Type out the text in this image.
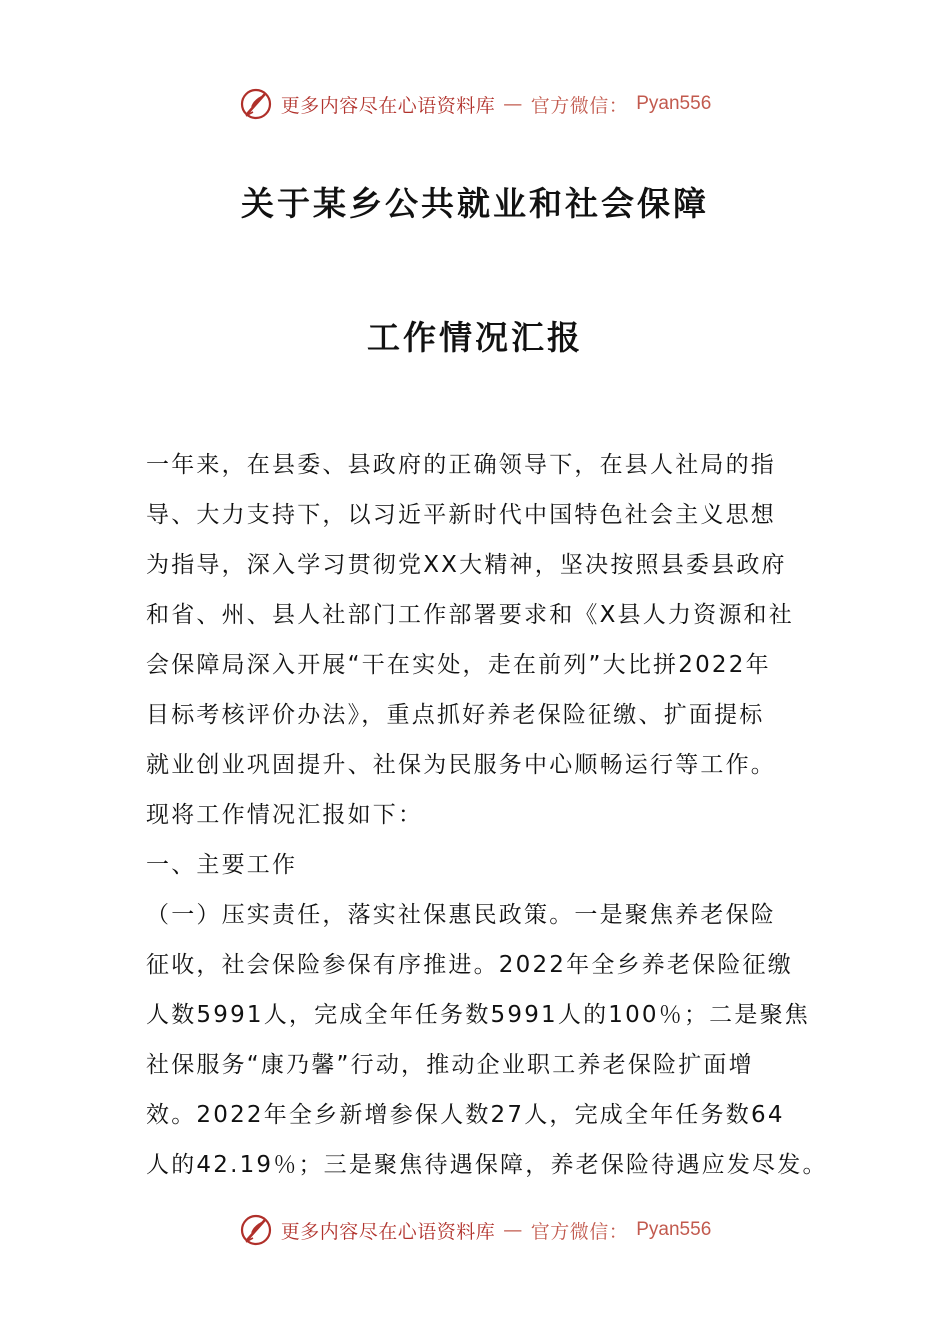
更多内容尽在心语资料库 — 官方微信： Pyan556
关于某乡公共就业和社会保障
工作情况汇报
一年来，在县委、县政府的正确领导下，在县人社局的指
导、大力支持下，以习近平新时代中国特色社会主义思想
为指导，深入学习贯彻党XX大精神，坚决按照县委县政府
和省、州、县人社部门工作部署要求和《X县人力资源和社
会保障局深入开展“干在实处，走在前列”大比拼2022年
目标考核评价办法》，重点抓好养老保险征缴、扩面提标
就业创业巩固提升、社保为民服务中心顺畅运行等工作。
现将工作情况汇报如下：
一、主要工作
（一）压实责任，落实社保惠民政策。一是聚焦养老保险
征收，社会保险参保有序推进。2022年全乡养老保险征缴
人数5991人，完成全年任务数5991人的100％；二是聚焦
社保服务“康乃馨”行动，推动企业职工养老保险扩面增
效。2022年全乡新增参保人数27人，完成全年任务数64
人的42.19％；三是聚焦待遇保障，养老保险待遇应发尽发。
更多内容尽在心语资料库 — 官方微信： Pyan556
